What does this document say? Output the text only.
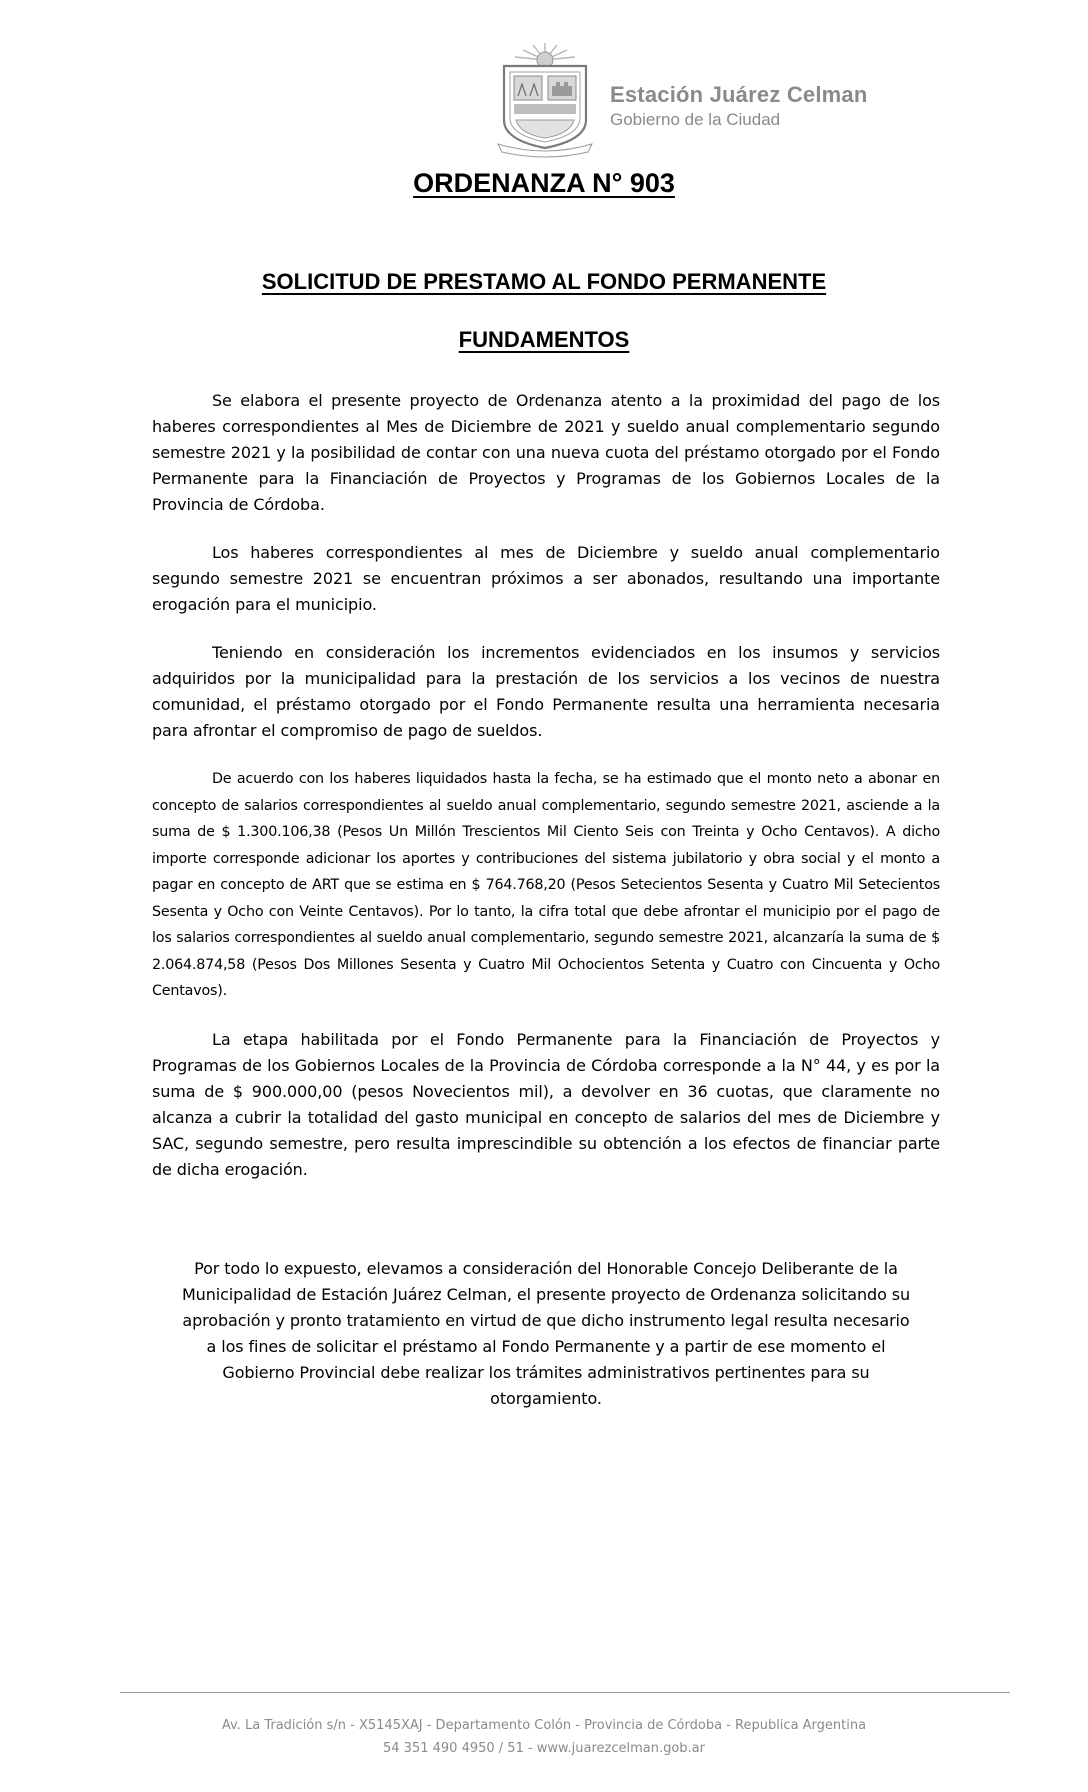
Estación Juárez Celman
Gobierno de la Ciudad
ORDENANZA N° 903
SOLICITUD DE PRESTAMO AL FONDO PERMANENTE
FUNDAMENTOS

Se elabora el presente proyecto de Ordenanza atento a la proximidad del pago de los haberes correspondientes al Mes de Diciembre de 2021 y sueldo anual complementario segundo semestre 2021 y la posibilidad de contar con una nueva cuota del préstamo otorgado por el Fondo Permanente para la Financiación de Proyectos y Programas de los Gobiernos Locales de la Provincia de Córdoba.

Los haberes correspondientes al mes de Diciembre y sueldo anual complementario segundo semestre 2021 se encuentran próximos a ser abonados, resultando una importante erogación para el municipio.

Teniendo en consideración los incrementos evidenciados en los insumos y servicios adquiridos por la municipalidad para la prestación de los servicios a los vecinos de nuestra comunidad, el préstamo otorgado por el Fondo Permanente resulta una herramienta necesaria para afrontar el compromiso de pago de sueldos.

De acuerdo con los haberes liquidados hasta la fecha, se ha estimado que el monto neto a abonar en concepto de salarios correspondientes al sueldo anual complementario, segundo semestre 2021, asciende a la suma de $ 1.300.106,38 (Pesos Un Millón Trescientos Mil Ciento Seis con Treinta y Ocho Centavos). A dicho importe corresponde adicionar los aportes y contribuciones del sistema jubilatorio y obra social y el monto a pagar en concepto de ART que se estima en $ 764.768,20 (Pesos Setecientos Sesenta y Cuatro Mil Setecientos Sesenta y Ocho con Veinte Centavos). Por lo tanto, la cifra total que debe afrontar el municipio por el pago de los salarios correspondientes al sueldo anual complementario, segundo semestre 2021, alcanzaría la suma de $ 2.064.874,58 (Pesos Dos Millones Sesenta y Cuatro Mil Ochocientos Setenta y Cuatro con Cincuenta y Ocho Centavos).

La etapa habilitada por el Fondo Permanente para la Financiación de Proyectos y Programas de los Gobiernos Locales de la Provincia de Córdoba corresponde a la N° 44, y es por la suma de $ 900.000,00 (pesos Novecientos mil), a devolver en 36 cuotas, que claramente no alcanza a cubrir la totalidad del gasto municipal en concepto de salarios del mes de Diciembre y SAC, segundo semestre, pero resulta imprescindible su obtención a los efectos de financiar parte de dicha erogación.

Por todo lo expuesto, elevamos a consideración del Honorable Concejo Deliberante de la Municipalidad de Estación Juárez Celman, el presente proyecto de Ordenanza solicitando su aprobación y pronto tratamiento en virtud de que dicho instrumento legal resulta necesario a los fines de solicitar el préstamo al Fondo Permanente y a partir de ese momento el Gobierno Provincial debe realizar los trámites administrativos pertinentes para su otorgamiento.

Av. La Tradición s/n - X5145XAJ - Departamento Colón - Provincia de Córdoba - Republica Argentina
54 351 490 4950 / 51 - www.juarezcelman.gob.ar
